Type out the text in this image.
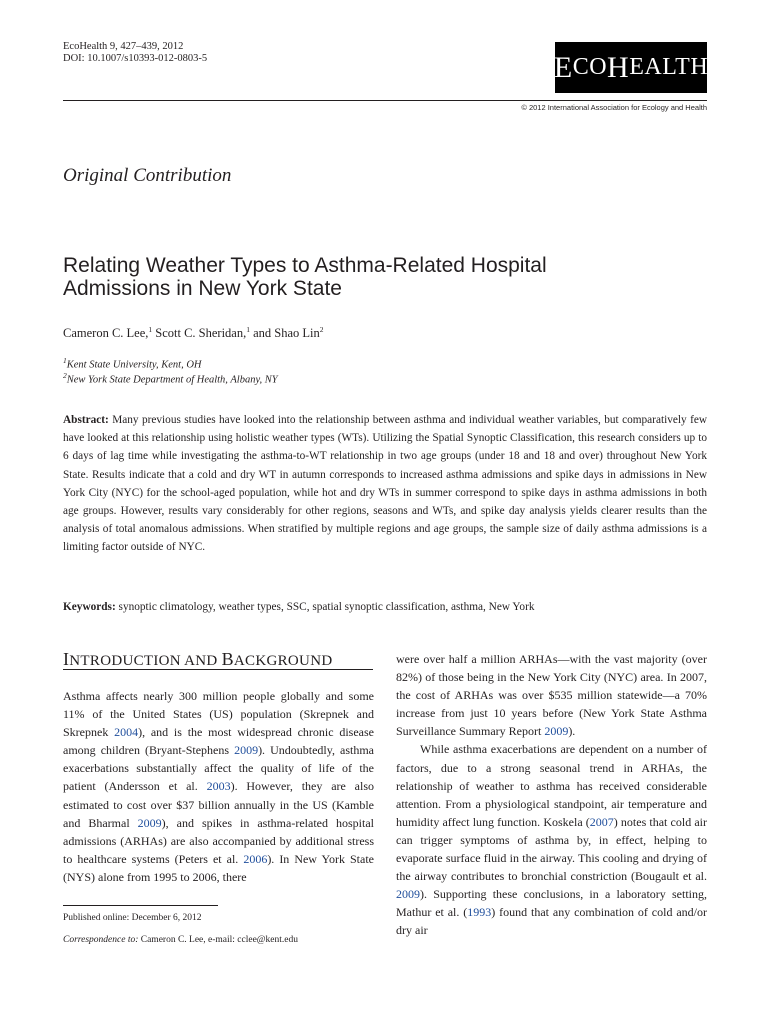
EcoHealth 9, 427–439, 2012
DOI: 10.1007/s10393-012-0803-5	E CO H EALTH
© 2012 International Association for Ecology and Health
Original Contribution
Relating Weather Types to Asthma-Related Hospital Admissions in New York State
Cameron C. Lee,$^1$ Scott C. Sheridan,$^1$ and Shao Lin$^2$
$^1$Kent State University, Kent, OH
$^2$New York State Department of Health, Albany, NY
Abstract: Many previous studies have looked into the relationship between asthma and individual weather variables, but comparatively few have looked at this relationship using holistic weather types (WTs). Utilizing the Spatial Synoptic Classification, this research considers up to 6 days of lag time while investigating the asthma-to-WT relationship in two age groups (under 18 and 18 and over) throughout New York State. Results indicate that a cold and dry WT in autumn corresponds to increased asthma admissions and spike days in admissions in New York City (NYC) for the school-aged population, while hot and dry WTs in summer correspond to spike days in asthma admissions in both age groups. However, results vary considerably for other regions, seasons and WTs, and spike day analysis yields clearer results than the analysis of total anomalous admissions. When stratified by multiple regions and age groups, the sample size of daily asthma admissions is a limiting factor outside of NYC.
Keywords: synoptic climatology, weather types, SSC, spatial synoptic classification, asthma, New York
INTRODUCTION AND BACKGROUND

Asthma affects nearly 300 million people globally and some 11% of the United States (US) population (Skrepnek and Skrepnek 2004), and is the most widespread chronic disease among children (Bryant-Stephens 2009). Undoubtedly, asthma exacerbations substantially affect the quality of life of the patient (Andersson et al. 2003). However, they are also estimated to cost over $37 billion annually in the US (Kamble and Bharmal 2009), and spikes in asthma-related hospital admissions (ARHAs) are also accompanied by additional stress to healthcare systems (Peters et al. 2006). In New York State (NYS) alone from 1995 to 2006, there

were over half a million ARHAs—with the vast majority (over 82%) of those being in the New York City (NYC) area. In 2007, the cost of ARHAs was over $535 million statewide—a 70% increase from just 10 years before (New York State Asthma Surveillance Summary Report 2009).

While asthma exacerbations are dependent on a number of factors, due to a strong seasonal trend in ARHAs, the relationship of weather to asthma has received considerable attention. From a physiological standpoint, air temperature and humidity affect lung function. Koskela (2007) notes that cold air can trigger symptoms of asthma by, in effect, helping to evaporate surface fluid in the airway. This cooling and drying of the airway contributes to bronchial constriction (Bougault et al. 2009). Supporting these conclusions, in a laboratory setting, Mathur et al. (1993) found that any combination of cold and/or dry air

Published online: December 6, 2012
Correspondence to: Cameron C. Lee, e-mail: cclee@kent.edu
